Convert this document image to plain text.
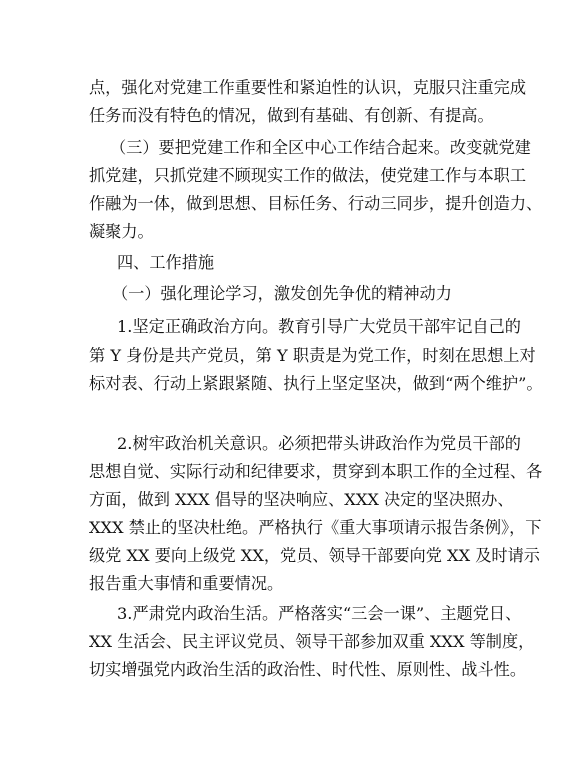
点，强化对党建工作重要性和紧迫性的认识，克服只注重完成
任务而没有特色的情况，做到有基础、有创新、有提高。
（三）要把党建工作和全区中心工作结合起来。改变就党建
抓党建，只抓党建不顾现实工作的做法，使党建工作与本职工
作融为一体，做到思想、目标任务、行动三同步，提升创造力、
凝聚力。
四、工作措施
（一）强化理论学习，激发创先争优的精神动力
1.坚定正确政治方向。教育引导广大党员干部牢记自己的
第 Y 身份是共产党员，第 Y 职责是为党工作，时刻在思想上对
标对表、行动上紧跟紧随、执行上坚定坚决，做到“两个维护”。
2.树牢政治机关意识。必须把带头讲政治作为党员干部的
思想自觉、实际行动和纪律要求，贯穿到本职工作的全过程、各
方面，做到 XXX 倡导的坚决响应、XXX 决定的坚决照办、
XXX 禁止的坚决杜绝。严格执行《重大事项请示报告条例》，下
级党 XX 要向上级党 XX，党员、领导干部要向党 XX 及时请示
报告重大事情和重要情况。
3.严肃党内政治生活。严格落实“三会一课”、主题党日、
XX 生活会、民主评议党员、领导干部参加双重 XXX 等制度，
切实增强党内政治生活的政治性、时代性、原则性、战斗性。
